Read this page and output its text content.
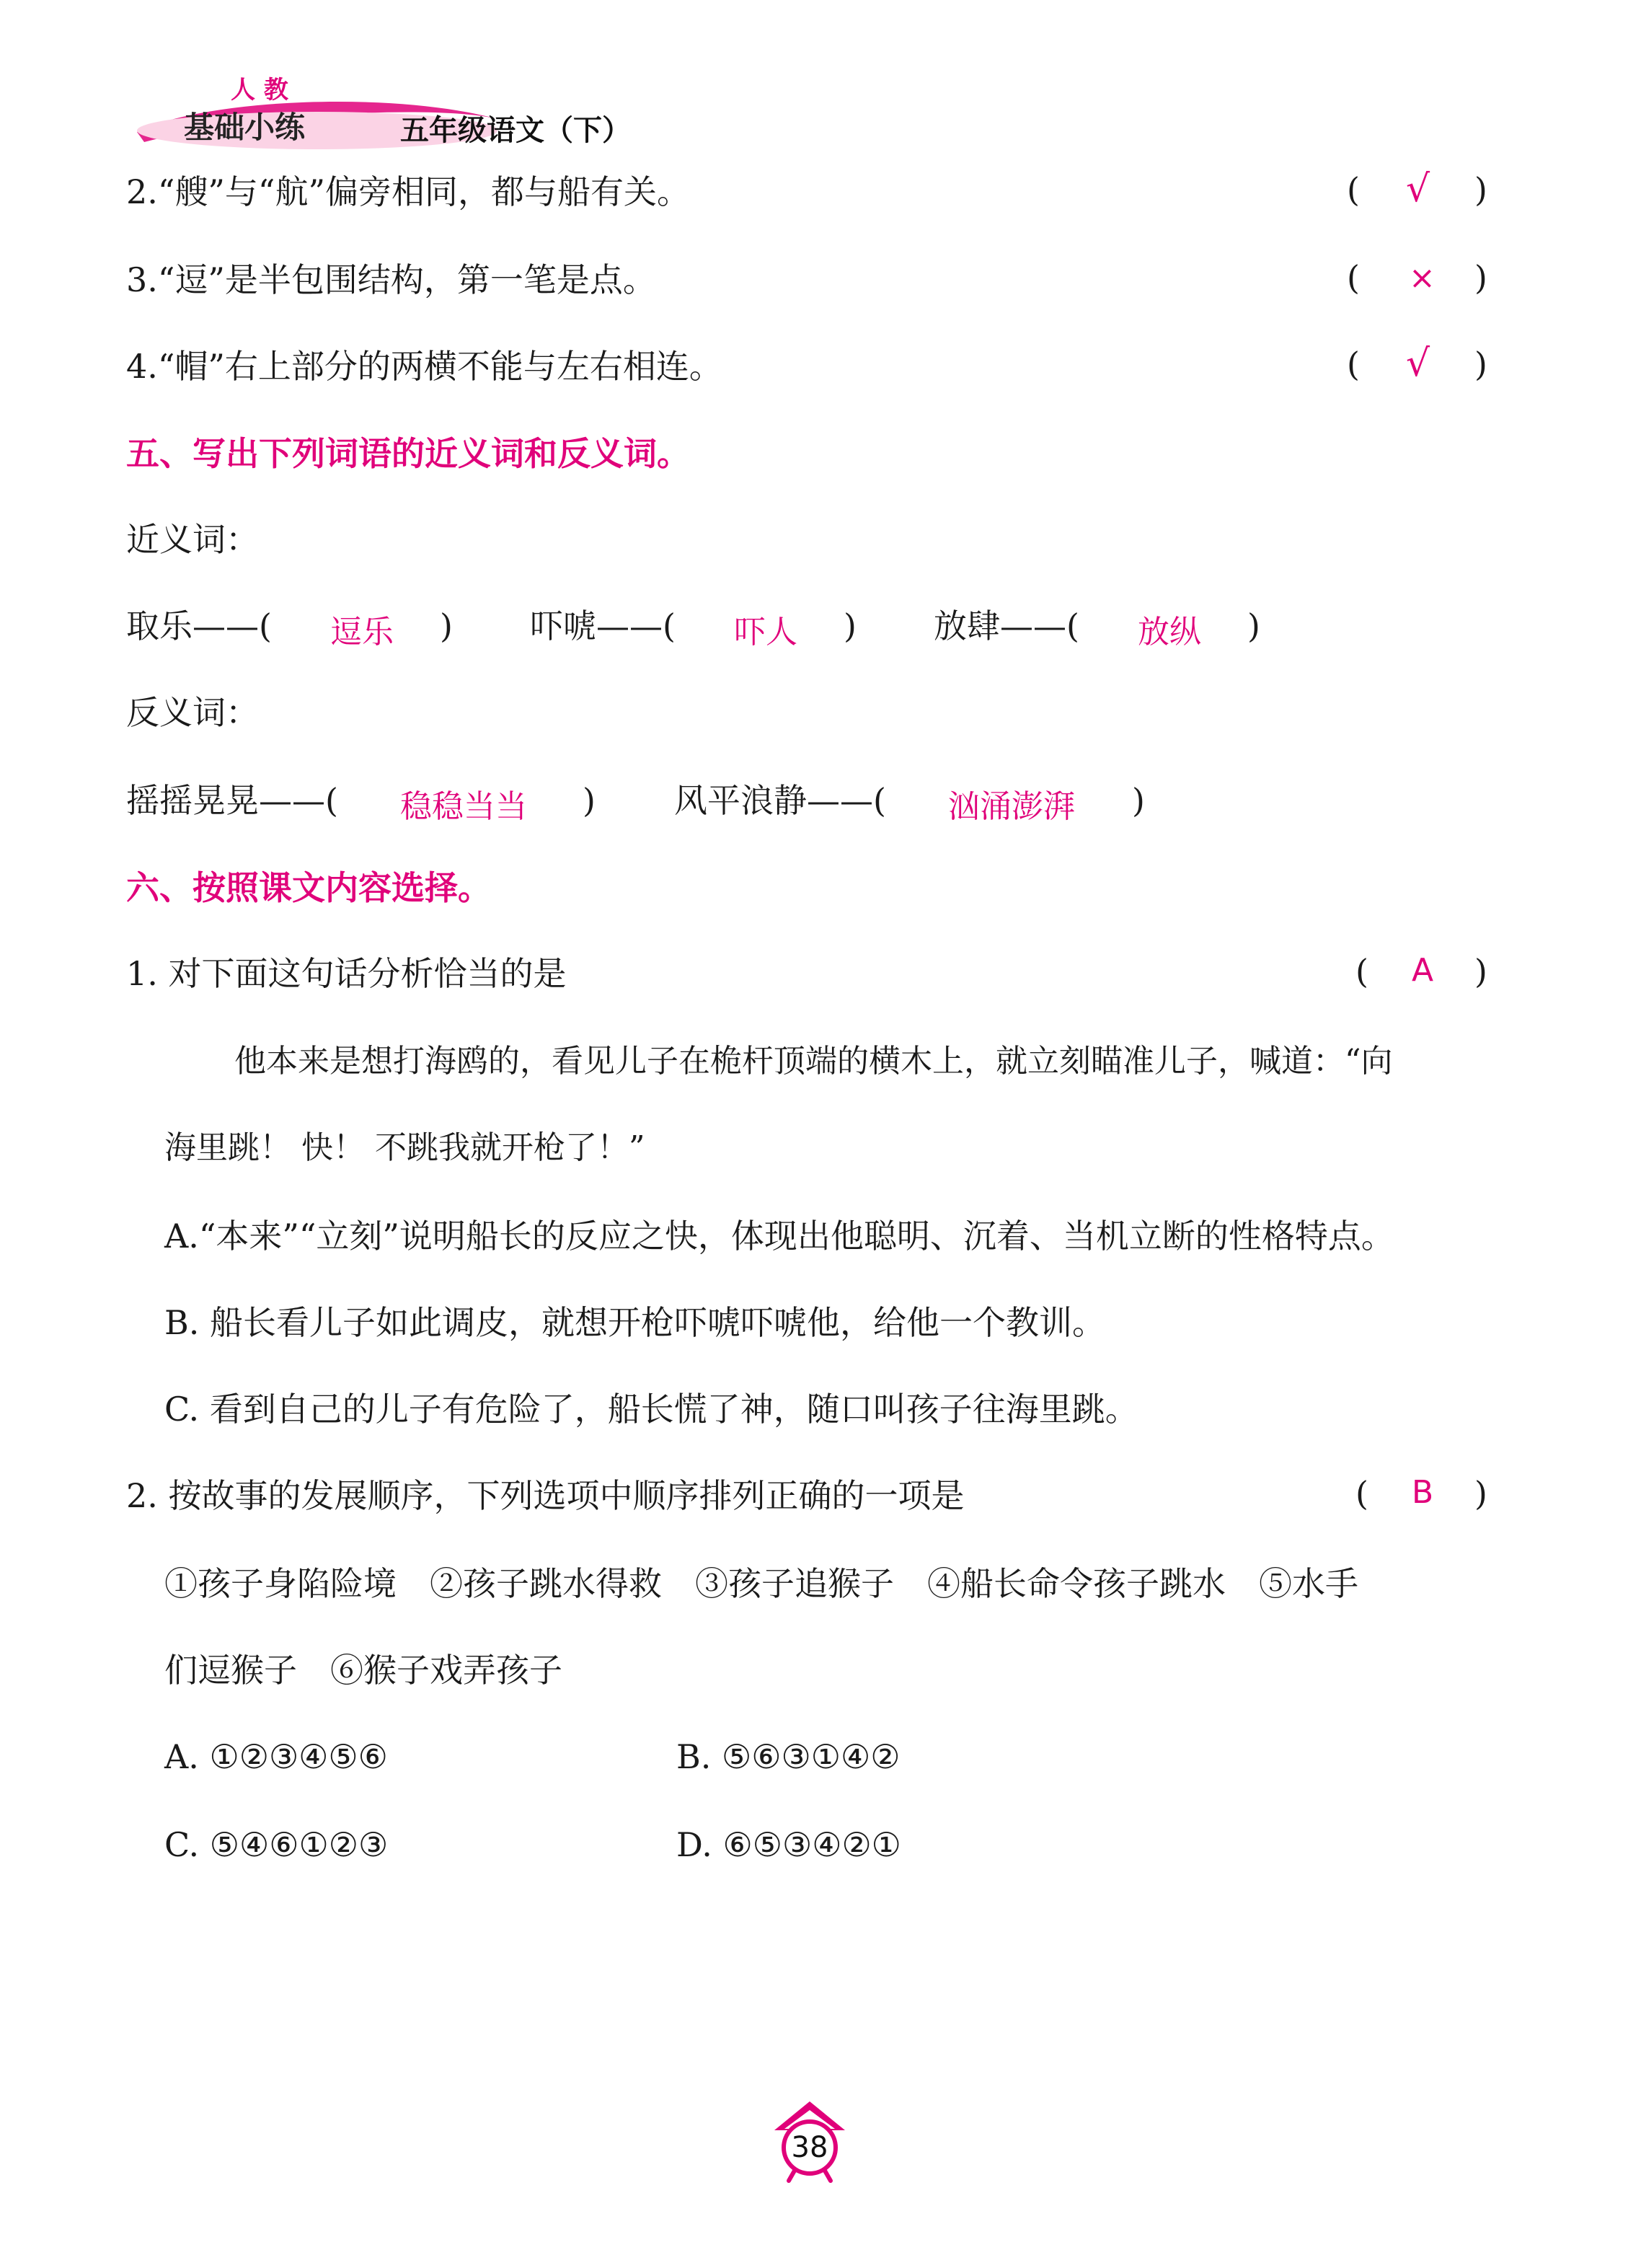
人 教
基础小练	五年级语文（下）
2.“艘”与“航”偏旁相同，都与船有关。	( √ )
3.“逗”是半包围结构，第一笔是点。	( × )
4.“帽”右上部分的两横不能与左右相连。	( √ )
五、写出下列词语的近义词和反义词。
近义词：
取乐——( 逗乐 ) 吓唬——( 吓人 ) 放肆——( 放纵 )
反义词：
摇摇晃晃——( 稳稳当当 ) 风平浪静——( 汹涌澎湃 )
六、按照课文内容选择。
1. 对下面这句话分析恰当的是	( A )
他本来是想打海鸥的，看见儿子在桅杆顶端的横木上，就立刻瞄准儿子，喊道：“向
海里跳！ 快！ 不跳我就开枪了！”
A.“本来”“立刻”说明船长的反应之快，体现出他聪明、沉着、当机立断的性格特点。
B. 船长看儿子如此调皮，就想开枪吓唬吓唬他，给他一个教训。
C. 看到自己的儿子有危险了，船长慌了神，随口叫孩子往海里跳。
2. 按故事的发展顺序，下列选项中顺序排列正确的一项是	( B )
①孩子身陷险境　②孩子跳水得救　③孩子追猴子　④船长命令孩子跳水　⑤水手
们逗猴子　⑥猴子戏弄孩子
A. ①②③④⑤⑥	B. ⑤⑥③①④②
C. ⑤④⑥①②③	D. ⑥⑤③④②①
38
